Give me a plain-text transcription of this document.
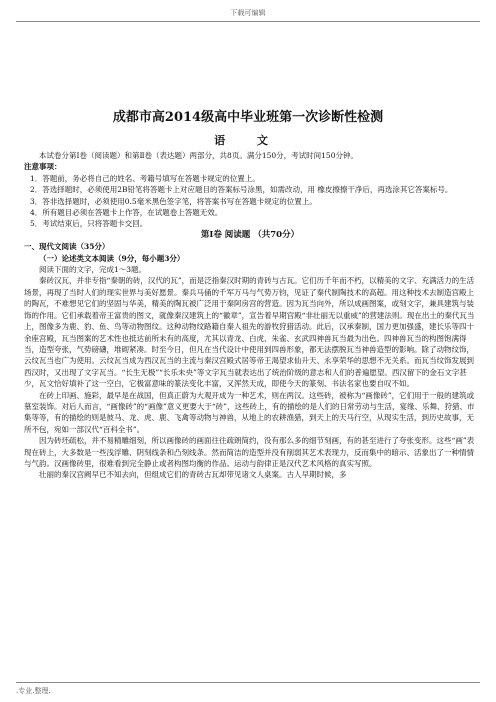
下载可编辑
成都市高2014级高中毕业班第一次诊断性检测
语 文

本试卷分第Ⅰ卷（阅读题）和第Ⅱ卷（表达题）两部分，共8页。满分150分，考试时间150分钟。

注意事项：

1．答题前，务必将自己的姓名、考籍号填写在答题卡规定的位置上。

2．答选择题时，必须使用2B铅笔将答题卡上对应题目的答案标号涂黑，如需改动，用 橡皮擦擦干净后，再选涂其它答案标号。

3．答非选择题时，必须使用0.5毫米黑色签字笔，将答案书写在答题卡规定的位置上。

4．所有题目必须在答题卡上作答，在试题卷上答题无效。

5．考试结束后，只将答题卡交回。

第Ⅰ卷 阅读题 （共70分）

一、现代文阅读（35分）

（一）论述类文本阅读（9分，每小题3分）

阅读下面的文字，完成1～3题。

秦砖汉瓦，并非专指“秦朝的砖，汉代的瓦”，而是泛指秦汉时期的青砖与古瓦。它们历千年而不朽，以精美的文字、充满活力的生活场景，再现了当时人们的现实世界与美好愿景。秦兵马俑的千军万马与气势万钧，见证了秦代制陶技术的高超。用这种技术去制造宫殿上的陶瓦，不难想见它们的坚固与华美，精美的陶瓦被广泛用于秦阿房宫的营造。因为瓦当向外，所以成画图案，或刻文字，兼具建筑与装饰的作用。它们承载着帝王富贵的图文，就像秦汉建筑上的“徽章”，宣告着早期宫殿“非壮丽无以重威”的营建法则。现在出土的秦代瓦当上，图像多为鹿、豹、鱼、鸟等动物图纹。这种动物纹路籍自秦人祖先的游牧狩猎活动。此后，汉承秦制，国力更加强盛，建长乐等四十余座宫殿，瓦当图案的艺术性也抵达前所未有的高度，尤其以青龙、白虎、朱雀、玄武四神兽瓦当最为出色。四神兽瓦当的构图饱满得当，造型夸张，气势磅礴，堆砌紧凑。时至今日，但凡在当代设计中使用到四兽形象，都无法摆脱瓦当神兽造型的影响。除了动物纹饰，云纹瓦当也广为使用。云纹瓦当成为西汉瓦当的主流与秦汉宫殿式居等帝王渴望求仙升天、永享荣华的思想不无关系。而瓦当纹饰发展到西汉时，又出现了文字瓦当。“长生无极”“长乐未央”等文字瓦当就表达出了统治阶级的意志和人们的普遍愿望。西汉留下的金石文字甚少，瓦文恰好填补了这一空白，它极富意味的篆法变化丰富，又浑然天成，即使今天的篆刻、书法名家也要自叹不如。

在砖上印画、施彩，最早是在战国，但真正蔚为大观开成为一种艺术，则在两汉。这些砖，被称为“画像砖”，它们用于一般的建筑或墓室装饰。对后人而言，“画像砖”的“画像”意义更要大于“砖”，这些砖上，有的描绘的是人们的日常劳动与生活，宴缘、乐舞、狩猎、市集等等，有的描绘的则是彼马、龙、虎、鹿、飞禽等动物与神兽，从地上的农耕渔猎，到天上的天马行空，从现实生活，到历史故事，无所不包，宛如一部汉代“百科全书”。

因为砖坯疏松，并不易精雕细刻，所以画像砖的画面往往疏朗简约，没有那么多的细节刻画，有的甚至进行了夸张变形。这些“画”表现在砖上，大多数是一些浅浮雕、阴刻线条和凸刻线条。然而简洁的造型并没有削弱其艺术表现力，反而集中的暗示、活象出了一种情情与气韵。汉画像砖里，很难看到完全静止或者构图均衡的作品。运动与韵律正是汉代艺术风格的真实写照。

壮丽的秦汉宫阙早已不知去向，但组成它们的青砖古瓦却带见诸文人桌案。古人早期时候，多

.专业.整理.
